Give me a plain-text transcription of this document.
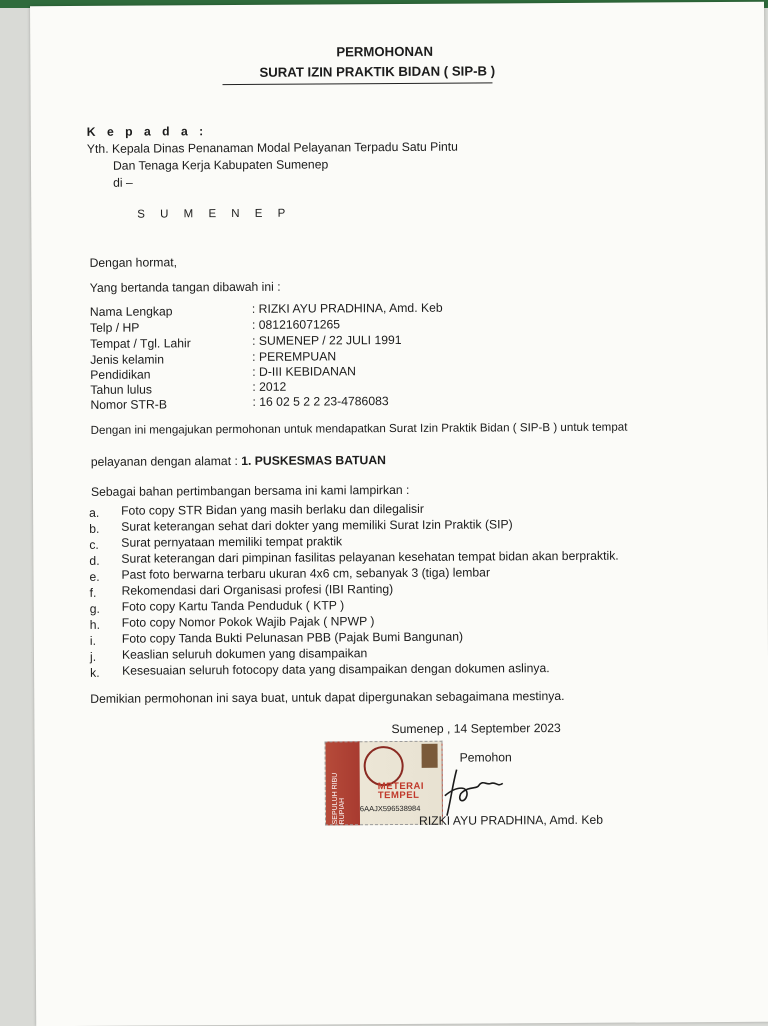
PERMOHONAN
SURAT IZIN PRAKTIK BIDAN ( SIP-B )
K e p a d a :
Yth. Kepala Dinas Penanaman Modal Pelayanan Terpadu Satu Pintu
Dan Tenaga Kerja Kabupaten Sumenep
di –
S U M E N E P
Dengan hormat,
Yang bertanda tangan dibawah ini :
Nama Lengkap	: RIZKI AYU PRADHINA, Amd. Keb
Telp / HP	: 081216071265
Tempat / Tgl. Lahir	: SUMENEP / 22 JULI 1991
Jenis kelamin	: PEREMPUAN
Pendidikan	: D-III KEBIDANAN
Tahun lulus	: 2012
Nomor STR-B	: 16 02 5 2 2 23-4786083
Dengan ini mengajukan permohonan untuk mendapatkan Surat Izin Praktik Bidan ( SIP-B ) untuk tempat
pelayanan dengan alamat : 1. PUSKESMAS BATUAN
Sebagai bahan pertimbangan bersama ini kami lampirkan :
a. Foto copy STR Bidan yang masih berlaku dan dilegalisir
b. Surat keterangan sehat dari dokter yang memiliki Surat Izin Praktik (SIP)
c. Surat pernyataan memiliki tempat praktik
d. Surat keterangan dari pimpinan fasilitas pelayanan kesehatan tempat bidan akan berpraktik.
e. Past foto berwarna terbaru ukuran 4x6 cm, sebanyak 3 (tiga) lembar
f. Rekomendasi dari Organisasi profesi (IBI Ranting)
g. Foto copy Kartu Tanda Penduduk ( KTP )
h. Foto copy Nomor Pokok Wajib Pajak ( NPWP )
i. Foto copy Tanda Bukti Pelunasan PBB (Pajak Bumi Bangunan)
j. Keaslian seluruh dokumen yang disampaikan
k. Kesesuaian seluruh fotocopy data yang disampaikan dengan dokumen aslinya.
Demikian permohonan ini saya buat, untuk dapat dipergunakan sebagaimana mestinya.
Sumenep , 14 September 2023
SEPULUH RIBU RUPIAH
METERAI TEMPEL
6AAJX596538984
Pemohon
RIZKI AYU PRADHINA, Amd. Keb
